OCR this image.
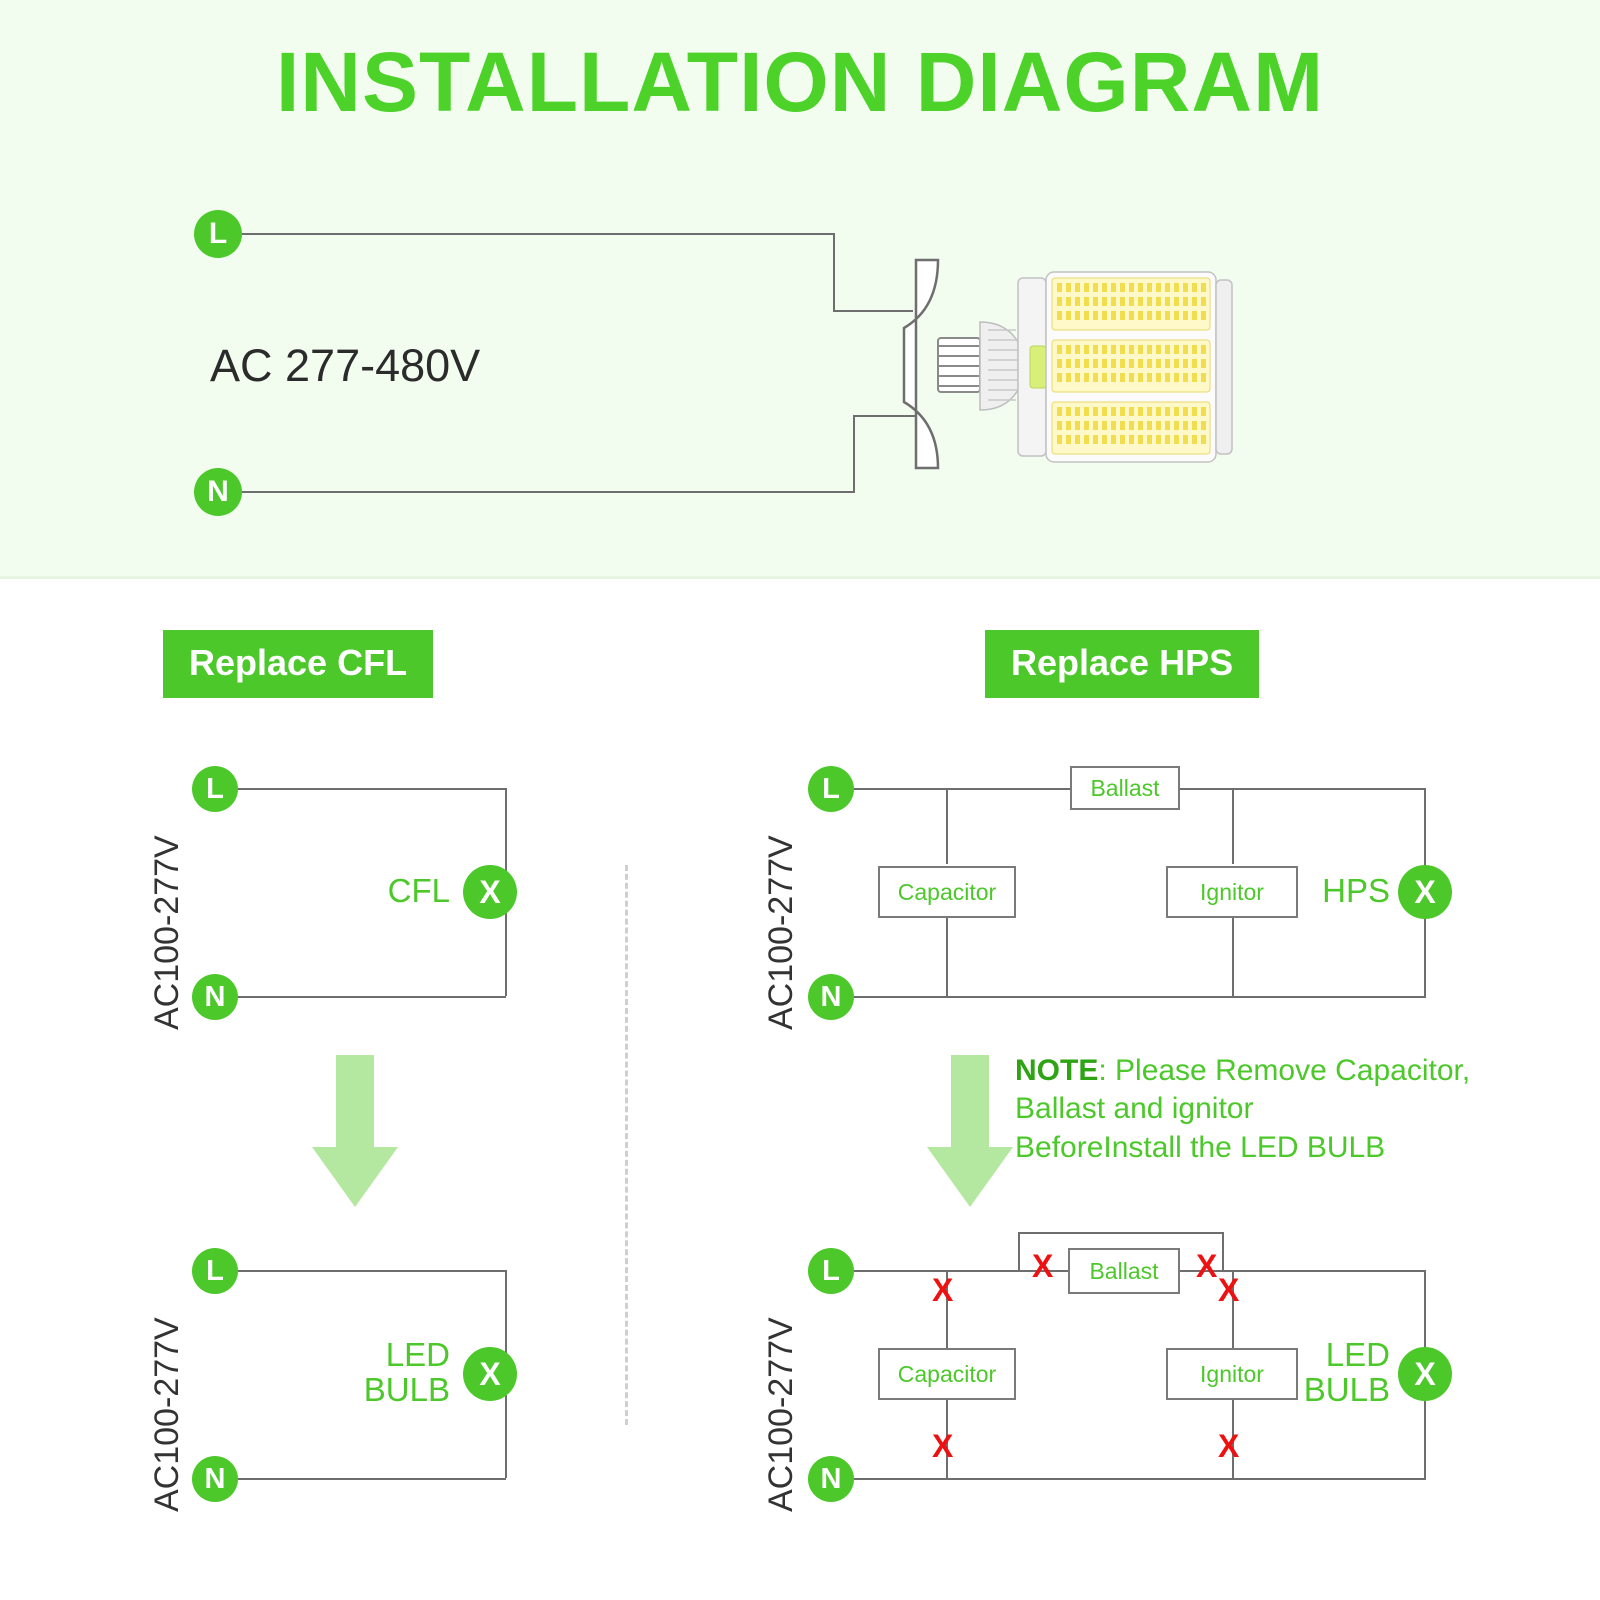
INSTALLATION DIAGRAM
L
N
AC 277-480V
Replace CFL	Replace HPS
AC100-277V
L
N
X
CFL
AC100-277V
L
N
X
LED
BULB
AC100-277V
L
N
Ballast
Capacitor	Ignitor	X
HPS
NOTE: Please Remove Capacitor,
Ballast and ignitor
BeforeInstall the LED BULB
AC100-277V
L
N
Ballast
Capacitor	Ignitor
X
X
X
X
X	X
X
LED
BULB
